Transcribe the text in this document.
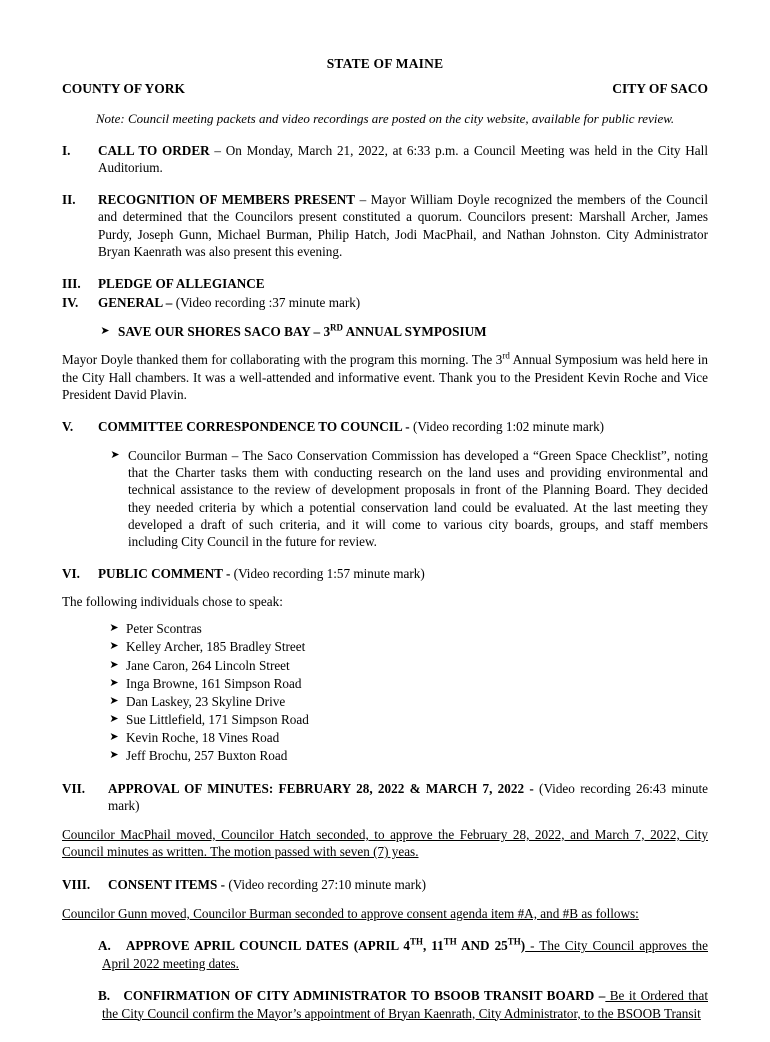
STATE OF MAINE
COUNTY OF YORK	CITY OF SACO
Note: Council meeting packets and video recordings are posted on the city website, available for public review.
I.	CALL TO ORDER – On Monday, March 21, 2022, at 6:33 p.m. a Council Meeting was held in the City Hall Auditorium.
II.	RECOGNITION OF MEMBERS PRESENT – Mayor William Doyle recognized the members of the Council and determined that the Councilors present constituted a quorum. Councilors present: Marshall Archer, James Purdy, Joseph Gunn, Michael Burman, Philip Hatch, Jodi MacPhail, and Nathan Johnston. City Administrator Bryan Kaenrath was also present this evening.
III.	PLEDGE OF ALLEGIANCE
IV.	GENERAL – (Video recording :37 minute mark)
➤ SAVE OUR SHORES SACO BAY – 3RD ANNUAL SYMPOSIUM
Mayor Doyle thanked them for collaborating with the program this morning. The 3rd Annual Symposium was held here in the City Hall chambers. It was a well-attended and informative event. Thank you to the President Kevin Roche and Vice President David Plavin.
V.	COMMITTEE CORRESPONDENCE TO COUNCIL - (Video recording 1:02 minute mark)
➤ Councilor Burman – The Saco Conservation Commission has developed a “Green Space Checklist”, noting that the Charter tasks them with conducting research on the land uses and providing environmental and technical assistance to the review of development proposals in front of the Planning Board. They decided they needed criteria by which a potential conservation land could be evaluated. At the last meeting they developed a draft of such criteria, and it will come to various city boards, groups, and staff members including City Council in the future for review.
VI.	PUBLIC COMMENT - (Video recording 1:57 minute mark)
The following individuals chose to speak:
➤ Peter Scontras
➤ Kelley Archer, 185 Bradley Street
➤ Jane Caron, 264 Lincoln Street
➤ Inga Browne, 161 Simpson Road
➤ Dan Laskey, 23 Skyline Drive
➤ Sue Littlefield, 171 Simpson Road
➤ Kevin Roche, 18 Vines Road
➤ Jeff Brochu, 257 Buxton Road
VII.	APPROVAL OF MINUTES: FEBRUARY 28, 2022 & MARCH 7, 2022 - (Video recording 26:43 minute mark)
Councilor MacPhail moved, Councilor Hatch seconded, to approve the February 28, 2022, and March 7, 2022, City Council minutes as written. The motion passed with seven (7) yeas.
VIII.	CONSENT ITEMS - (Video recording 27:10 minute mark)
Councilor Gunn moved, Councilor Burman seconded to approve consent agenda item #A, and #B as follows:
A. APPROVE APRIL COUNCIL DATES (APRIL 4TH, 11TH AND 25TH) - The City Council approves the April 2022 meeting dates.
B. CONFIRMATION OF CITY ADMINISTRATOR TO BSOOB TRANSIT BOARD – Be it Ordered that the City Council confirm the Mayor’s appointment of Bryan Kaenrath, City Administrator, to the BSOOB Transit
